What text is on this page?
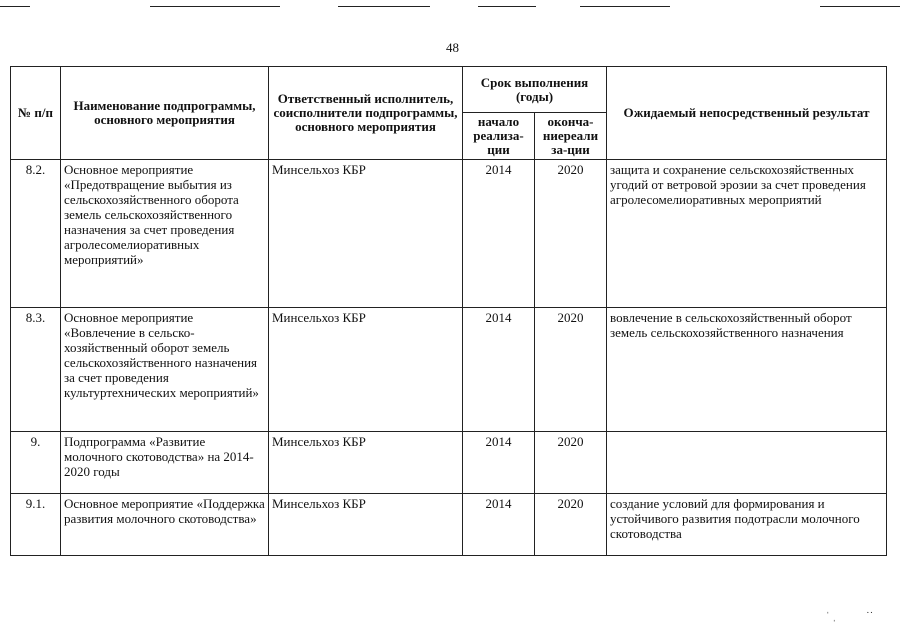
48
№ п/п	Наименование подпрограммы, основного мероприятия	Ответственный исполнитель, соисполнители подпрограммы, основного мероприятия	Срок выполнения (годы)		Ожидаемый непосредственный результат
			начало реализа-ции	оконча-ниереали за-ции	
8.2.	Основное мероприятие «Предотвращение выбытия из сельскохозяйственного оборота земель сельскохозяйственного назначения за счет проведения агролесомелиоративных мероприятий»	Минсельхоз КБР	2014	2020	защита и сохранение сельскохозяйственных угодий от ветровой эрозии за счет проведения агролесомелиоративных мероприятий
8.3.	Основное мероприятие «Вовлечение в сельско-хозяйственный оборот земель сельскохозяйственного назначения за счет проведения культуртехнических мероприятий»	Минсельхоз КБР	2014	2020	вовлечение в сельскохозяйственный оборот земель сельскохозяйственного назначения
9.	Подпрограмма «Развитие молочного скотоводства» на 2014-2020 годы	Минсельхоз КБР	2014	2020	
9.1.	Основное мероприятие «Поддержка развития молочного скотоводства»	Минсельхоз КБР	2014	2020	создание условий для формирования и устойчивого развития подотрасли молочного скотоводства
ˈ ˌ	˙˙
